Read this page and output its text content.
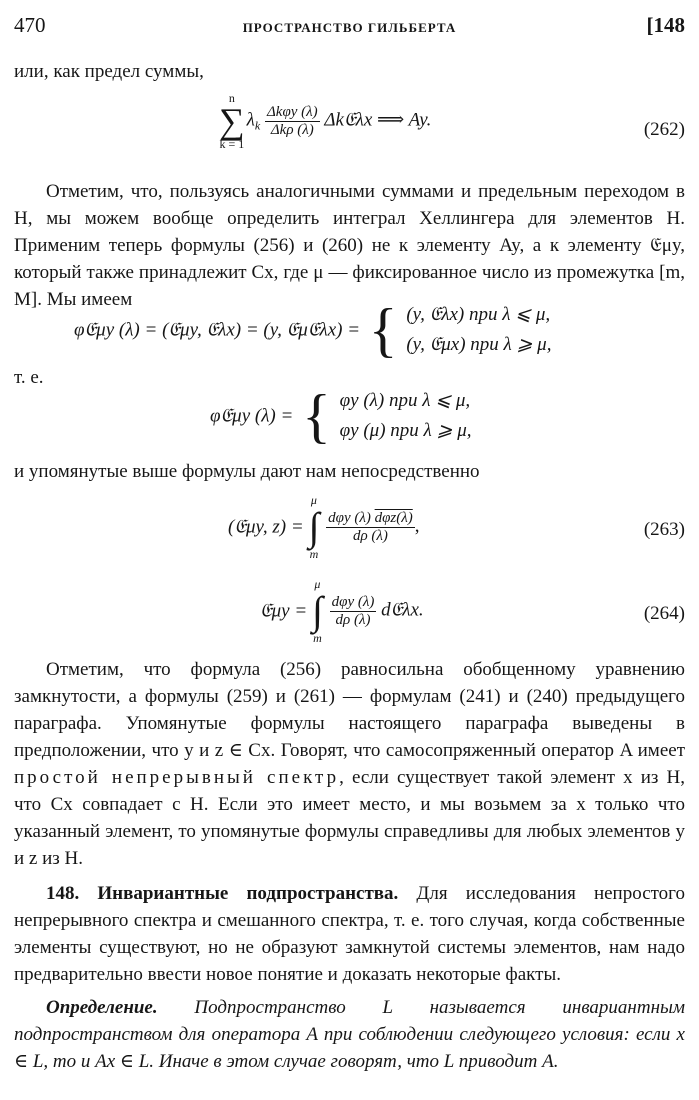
470	ПРОСТРАНСТВО ГИЛЬБЕРТА	[148

или, как предел суммы,

n
∑
$k = 1\lambda_k \frac{\text{Δkφy (λ)}}{\text{Δkρ (λ)}}$ Δk𝔈λx ⟹ Ay.	(262)

Отметим, что, пользуясь аналогичными суммами и предельным переходом в H, мы можем вообще определить интеграл Хеллингера для элементов H. Применим теперь формулы (256) и (260) не к элементу Ay, а к элементу 𝔈μy, который также принадлежит Cx, где μ — фиксированное число из промежутка [m, M]. Мы имеем

φ𝔈μy (λ) = (𝔈μy, 𝔈λx) = (y, 𝔈μ𝔈λx) = { (y, 𝔈λx) при λ ⩽ μ,
(y, 𝔈μx) при λ ⩾ μ,

т. е.

φ𝔈μy (λ) = { φy (λ) при λ ⩽ μ,
φy (μ) при λ ⩾ μ,

и упомянутые выше формулы дают нам непосредственно

(𝔈μy, z) = μ
∫
m
$\frac{\text{dφy (λ) dφz(λ)}}{d\rho (\lambda)}$ ,	(263)
𝔈μy = μ
∫
m
$\frac{\text{dφy (λ)}}{d\rho (\lambda)}$ d𝔈λx.	(264)

Отметим, что формула (256) равносильна обобщенному уравнению замкнутости, а формулы (259) и (261) — формулам (241) и (240) предыдущего параграфа. Упомянутые формулы настоящего параграфа выведены в предположении, что y и z ∈ Cx. Говорят, что самосопряженный оператор A имеет простой непрерывный спектр, если существует такой элемент x из H, что Cx совпадает с H. Если это имеет место, и мы возьмем за x только что указанный элемент, то упомянутые формулы справедливы для любых элементов y и z из H.

148. Инвариантные подпространства. Для исследования непростого непрерывного спектра и смешанного спектра, т. е. того случая, когда собственные элементы существуют, но не образуют замкнутой системы элементов, нам надо предварительно ввести новое понятие и доказать некоторые факты.

Определение. Подпространство L называется инвариантным подпространством для оператора A при соблюдении следующего условия: если x ∈ L, то и Ax ∈ L. Иначе в этом случае говорят, что L приводит A.
